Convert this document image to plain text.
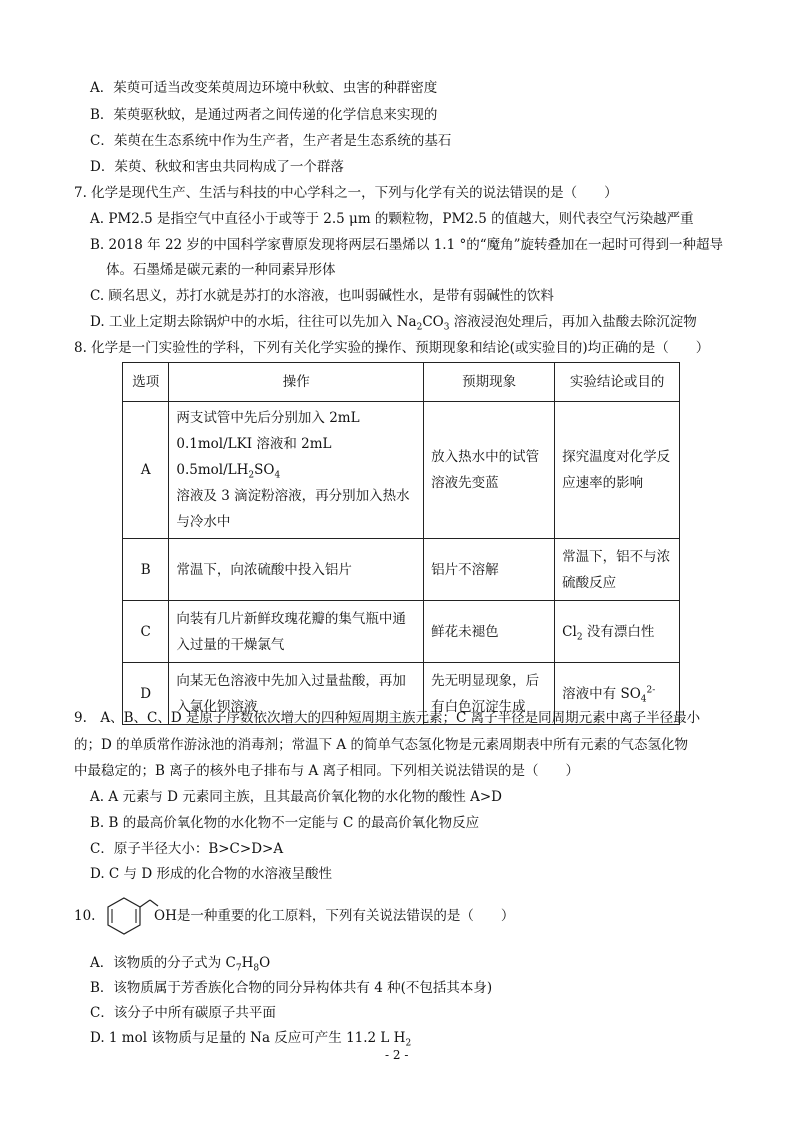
A．茱萸可适当改变茱萸周边环境中秋蚊、虫害的种群密度
B．茱萸驱秋蚊，是通过两者之间传递的化学信息来实现的
C．茱萸在生态系统中作为生产者，生产者是生态系统的基石
D．茱萸、秋蚊和害虫共同构成了一个群落
7. 化学是现代生产、生活与科技的中心学科之一，下列与化学有关的说法错误的是（　　）
A. PM2.5 是指空气中直径小于或等于 2.5 μm 的颗粒物，PM2.5 的值越大，则代表空气污染越严重
B. 2018 年 22 岁的中国科学家曹原发现将两层石墨烯以 1.1 °的“魔角”旋转叠加在一起时可得到一种超导
体。石墨烯是碳元素的一种同素异形体
C. 顾名思义，苏打水就是苏打的水溶液，也叫弱碱性水，是带有弱碱性的饮料
D. 工业上定期去除锅炉中的水垢，往往可以先加入 $Na_2CO_3$ 溶液浸泡处理后，再加入盐酸去除沉淀物
8. 化学是一门实验性的学科，下列有关化学实验的操作、预期现象和结论(或实验目的)均正确的是（　　）
选项	操作	预期现象	实验结论或目的
A	两支试管中先后分别加入 2mL
0.1mol/LKI 溶液和 2mL $0.5mol/LH_2SO_4$
溶液及 3 滴淀粉溶液，再分别加入热水
与冷水中	放入热水中的试管溶液先变蓝	探究温度对化学反应速率的影响
B	常温下，向浓硫酸中投入铝片	铝片不溶解	常温下，铝不与浓硫酸反应
C	向装有几片新鲜玫瑰花瓣的集气瓶中通入过量的干燥氯气	鲜花未褪色	$Cl_2$ 没有漂白性
D	向某无色溶液中先加入过量盐酸，再加入氯化钡溶液	先无明显现象，后有白色沉淀生成	溶液中有 $SO_4^{2-}$
9.　A、B、C、D 是原子序数依次增大的四种短周期主族元素；C 离子半径是同周期元素中离子半径最小
的；D 的单质常作游泳池的消毒剂；常温下 A 的简单气态氢化物是元素周期表中所有元素的气态氢化物
中最稳定的；B 离子的核外电子排布与 A 离子相同。下列相关说法错误的是（　　）
A. A 元素与 D 元素同主族，且其最高价氧化物的水化物的酸性 A>D
B. B 的最高价氧化物的水化物不一定能与 C 的最高价氧化物反应
C．原子半径大小：B>C>D>A
D. C 与 D 形成的化合物的水溶液呈酸性
10.	OH是一种重要的化工原料，下列有关说法错误的是（　　）
A．该物质的分子式为 $C_7H_8O$
B．该物质属于芳香族化合物的同分异构体共有 4 种(不包括其本身)
C．该分子中所有碳原子共平面
D. 1 mol 该物质与足量的 Na 反应可产生 11.2 L $H_2$
- 2 -
